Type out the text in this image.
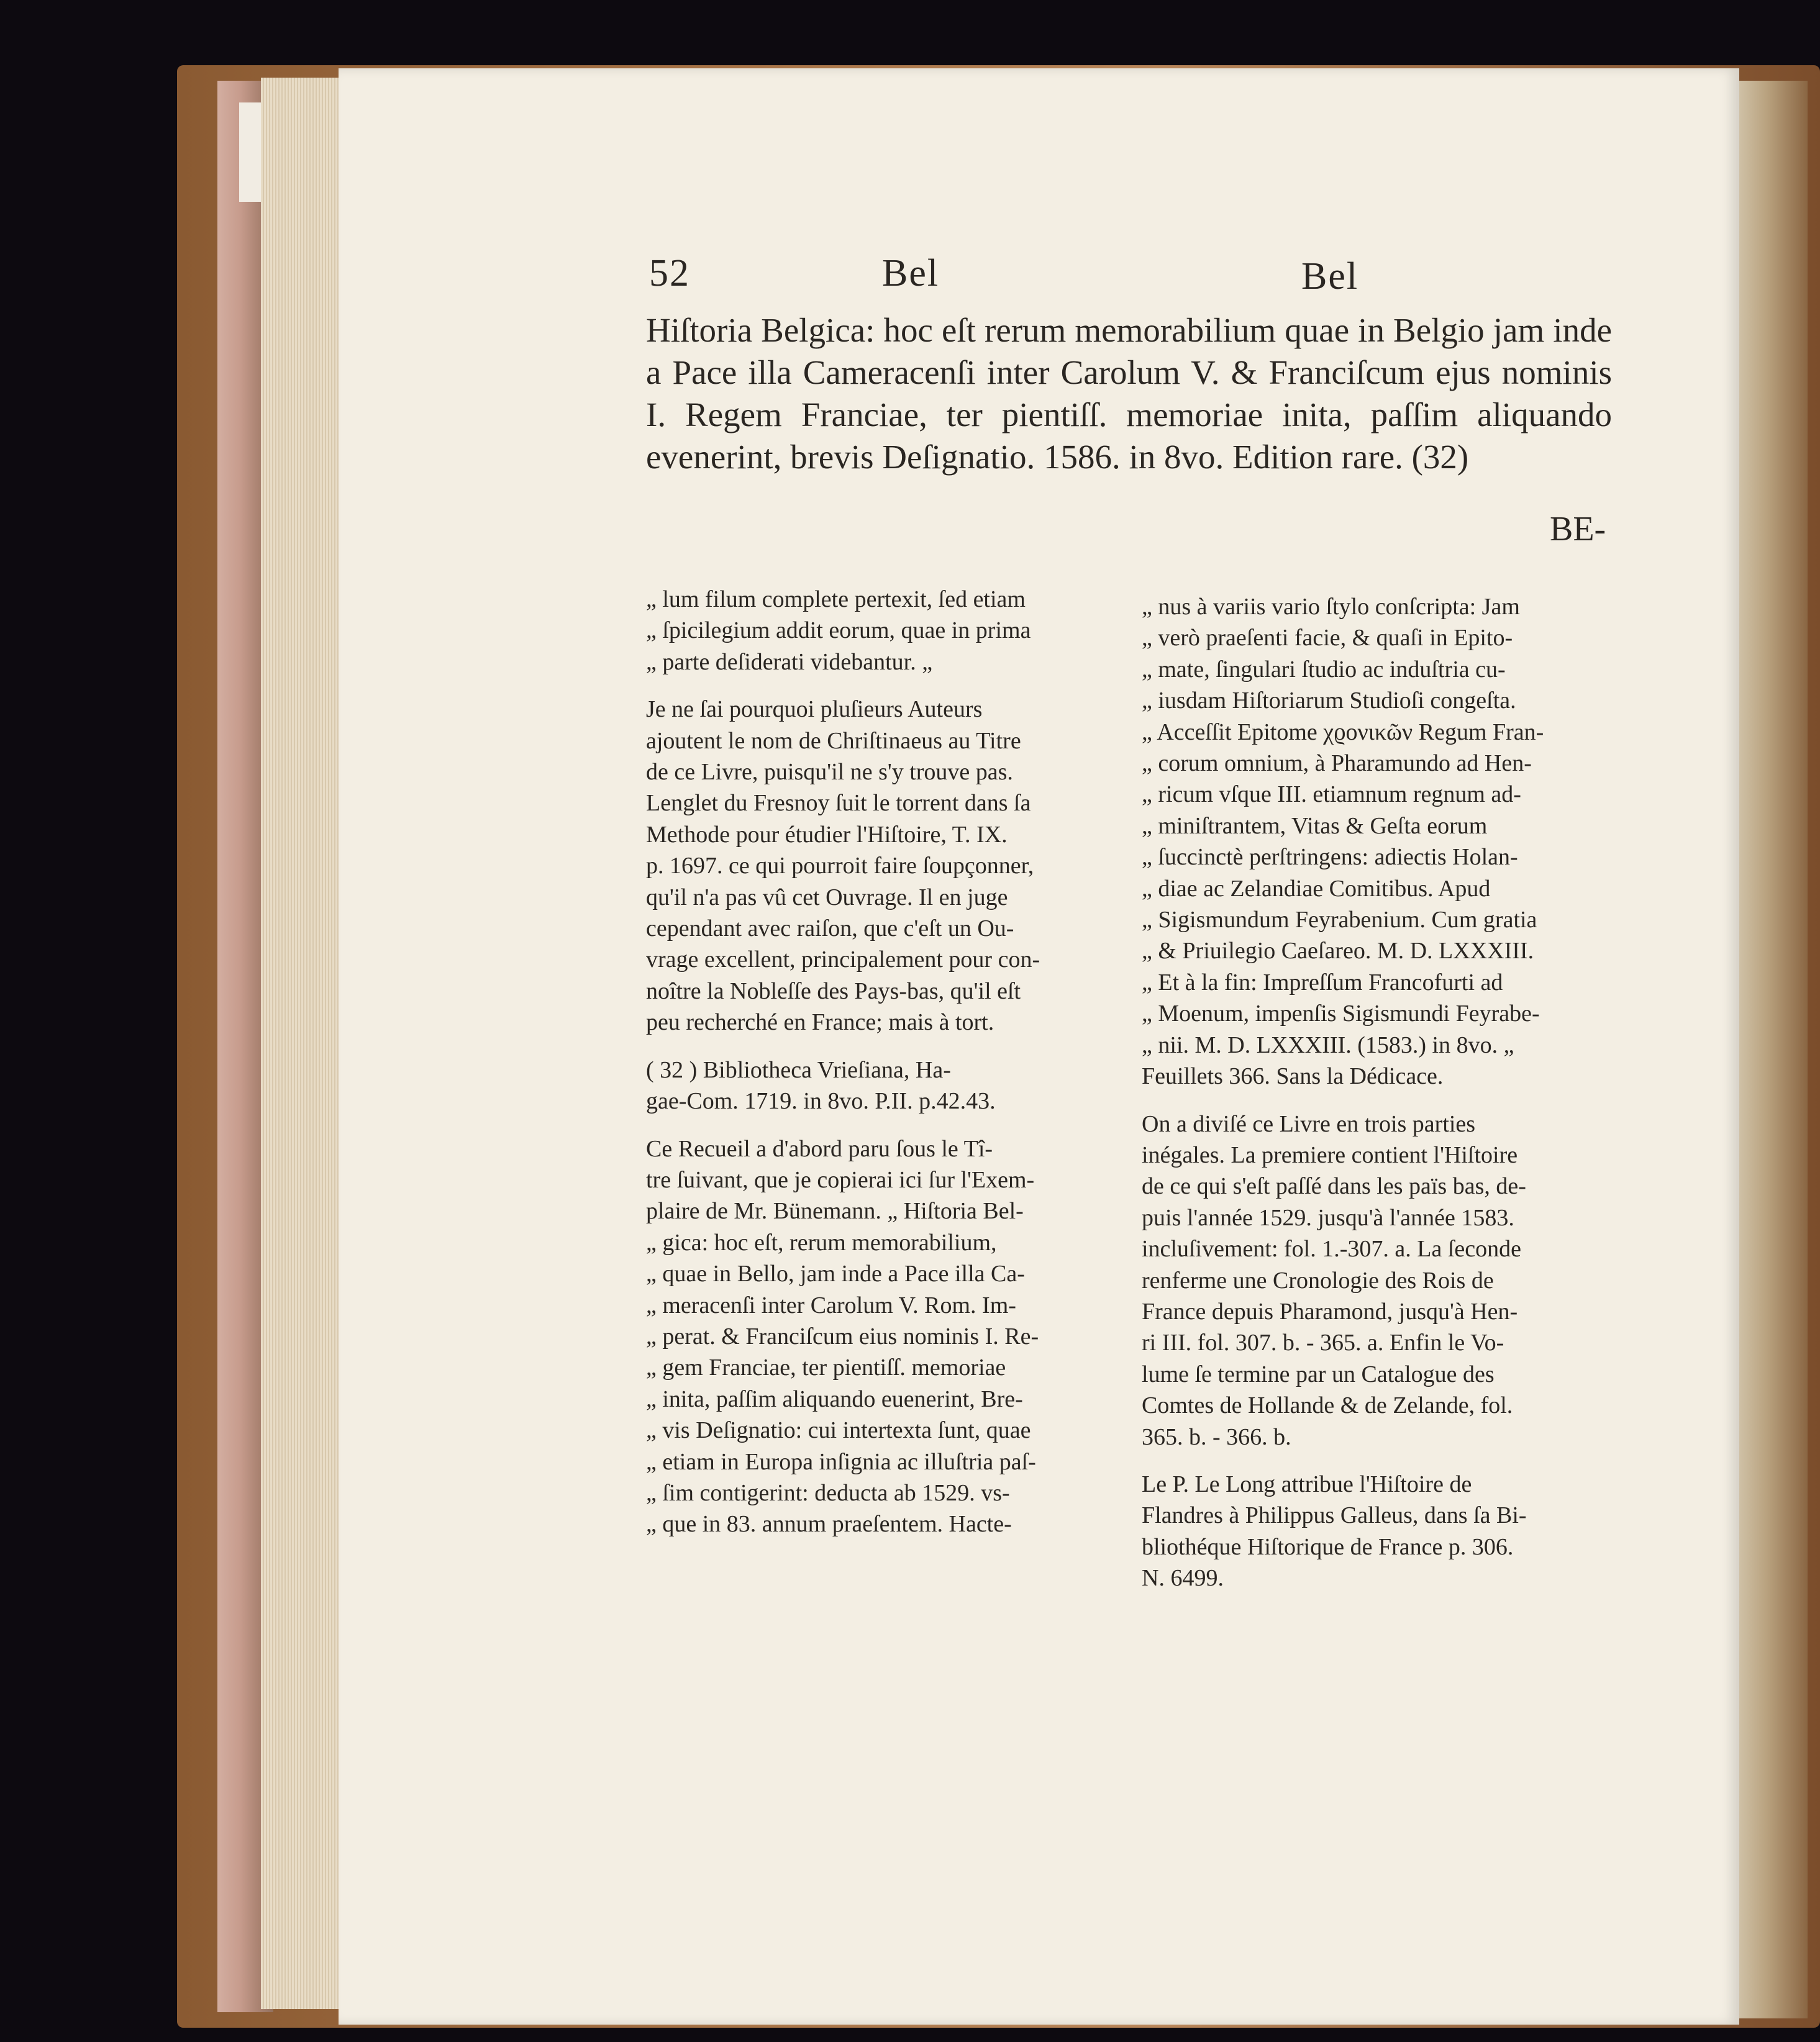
52	Bel	Bel
Hiſtoria Belgica: hoc eſt rerum memorabilium quae in Belgio jam inde a Pace illa Cameracenſi inter Carolum V. & Franciſcum ejus nominis I. Regem Franciae, ter pientiſſ. memoriae inita, paſſim aliquando evenerint, brevis Deſignatio. 1586. in 8vo. Edition rare. (32)
BE-

„ lum filum complete pertexit, ſed etiam

„ ſpicilegium addit eorum, quae in prima

„ parte deſiderati videbantur. „

Je ne ſai pourquoi pluſieurs Auteurs

ajoutent le nom de Chriſtinaeus au Titre

de ce Livre, puisqu'il ne s'y trouve pas.

Lenglet du Fresnoy ſuit le torrent dans ſa

Methode pour étudier l'Hiſtoire, T. IX.

p. 1697. ce qui pourroit faire ſoupçonner,

qu'il n'a pas vû cet Ouvrage. Il en juge

cependant avec raiſon, que c'eſt un Ou-

vrage excellent, principalement pour con-

noître la Nobleſſe des Pays-bas, qu'il eſt

peu recherché en France; mais à tort.

( 32 ) Bibliotheca Vrieſiana, Ha-

gae-Com. 1719. in 8vo. P.II. p.42.43.

Ce Recueil a d'abord paru ſous le Tî-

tre ſuivant, que je copierai ici ſur l'Exem-

plaire de Mr. Bünemann. „ Hiſtoria Bel-

„ gica: hoc eſt, rerum memorabilium,

„ quae in Bello, jam inde a Pace illa Ca-

„ meracenſi inter Carolum V. Rom. Im-

„ perat. & Franciſcum eius nominis I. Re-

„ gem Franciae, ter pientiſſ. memoriae

„ inita, paſſim aliquando euenerint, Bre-

„ vis Deſignatio: cui intertexta ſunt, quae

„ etiam in Europa inſignia ac illuſtria paſ-

„ ſim contigerint: deducta ab 1529. vs-

„ que in 83. annum praeſentem. Hacte-

„ nus à variis vario ſtylo conſcripta: Jam

„ verò praeſenti facie, & quaſi in Epito-

„ mate, ſingulari ſtudio ac induſtria cu-

„ iusdam Hiſtoriarum Studioſi congeſta.

„ Acceſſit Epitome χϱονικῶν Regum Fran-

„ corum omnium, à Pharamundo ad Hen-

„ ricum vſque III. etiamnum regnum ad-

„ miniſtrantem, Vitas & Geſta eorum

„ ſuccinctè perſtringens: adiectis Holan-

„ diae ac Zelandiae Comitibus. Apud

„ Sigismundum Feyrabenium. Cum gratia

„ & Priuilegio Caeſareo. M. D. LXXXIII.

„ Et à la fin: Impreſſum Francofurti ad

„ Moenum, impenſis Sigismundi Feyrabe-

„ nii. M. D. LXXXIII. (1583.) in 8vo. „

Feuillets 366. Sans la Dédicace.

On a diviſé ce Livre en trois parties

inégales. La premiere contient l'Hiſtoire

de ce qui s'eſt paſſé dans les païs bas, de-

puis l'année 1529. jusqu'à l'année 1583.

incluſivement: fol. 1.-307. a. La ſeconde

renferme une Cronologie des Rois de

France depuis Pharamond, jusqu'à Hen-

ri III. fol. 307. b. - 365. a. Enfin le Vo-

lume ſe termine par un Catalogue des

Comtes de Hollande & de Zelande, fol.

365. b. - 366. b.

Le P. Le Long attribue l'Hiſtoire de

Flandres à Philippus Galleus, dans ſa Bi-

bliothéque Hiſtorique de France p. 306.

N. 6499.
